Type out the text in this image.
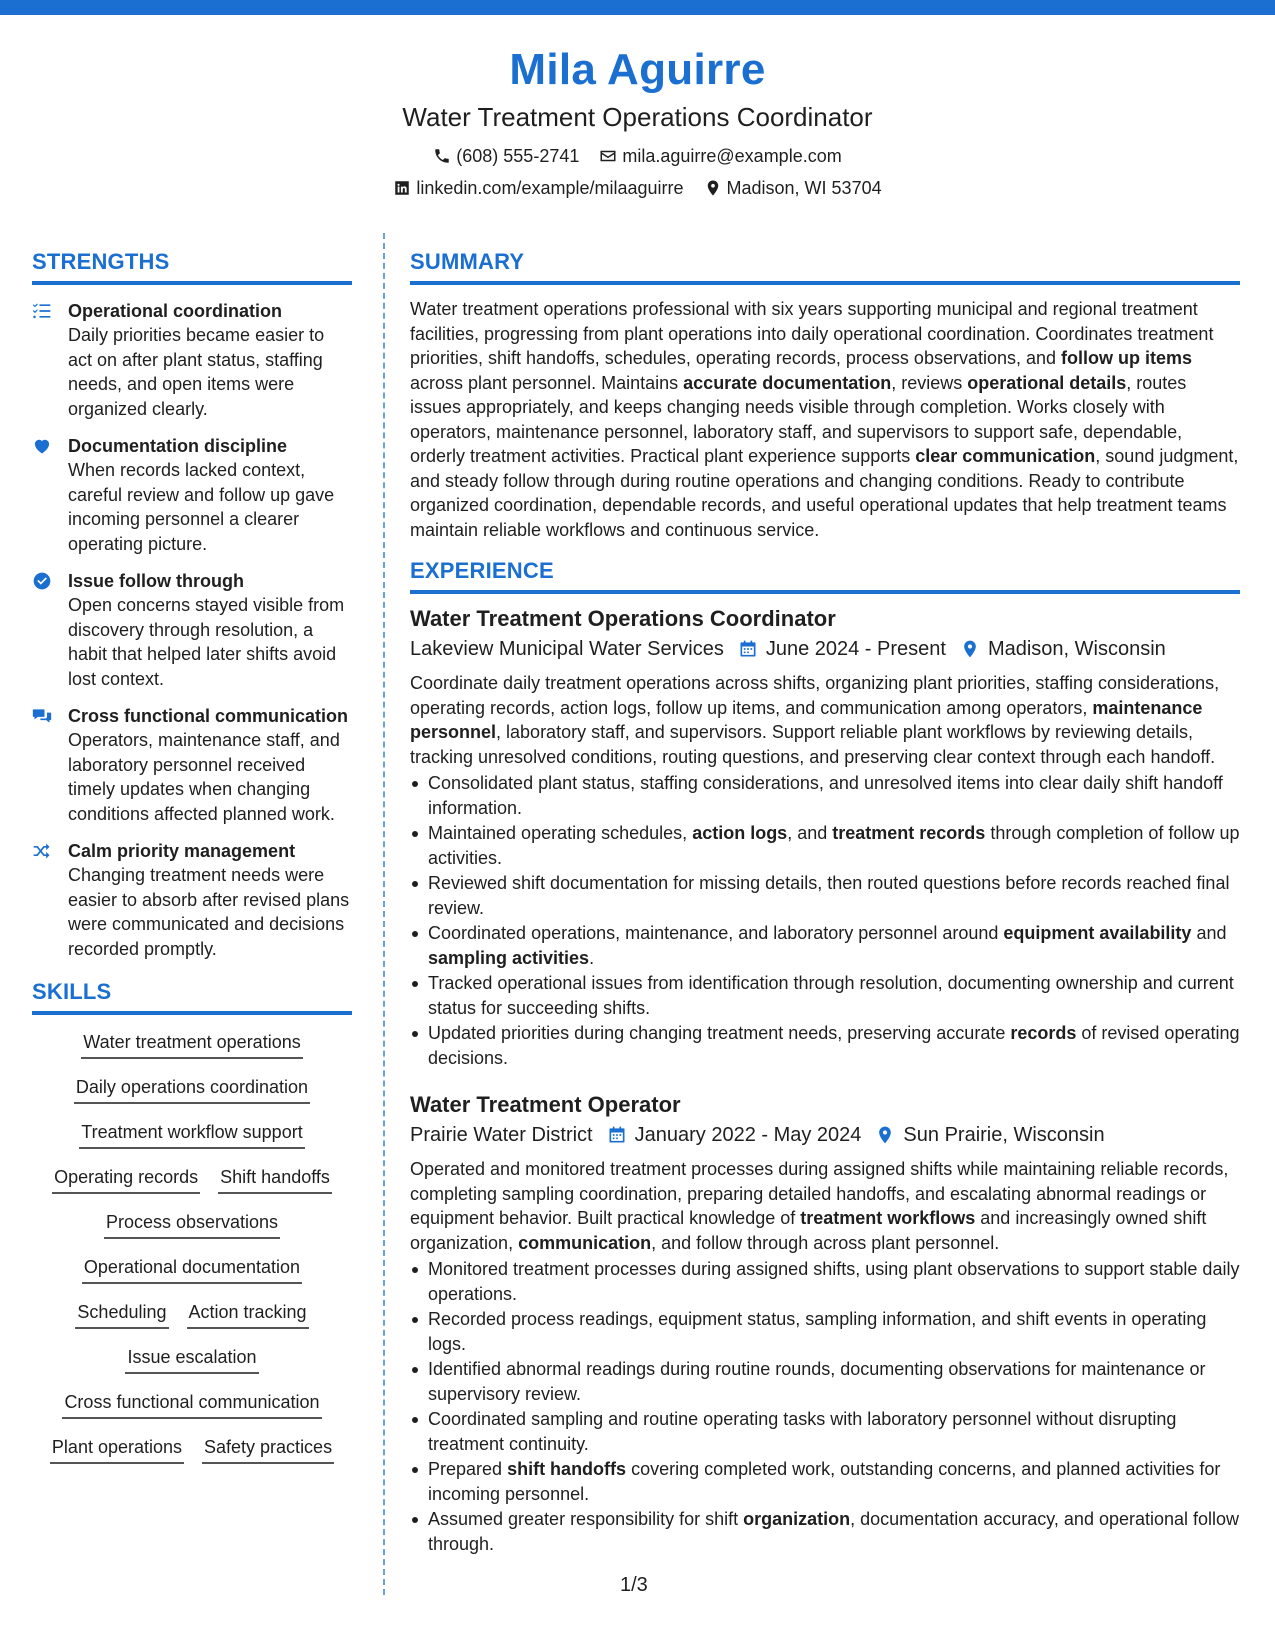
Mila Aguirre
Water Treatment Operations Coordinator
(608) 555-2741 mila.aguirre@example.com
linkedin.com/example/milaaguirre Madison, WI 53704
STRENGTHS
Operational coordination
Daily priorities became easier to act on after plant status, staffing needs, and open items were organized clearly.
Documentation discipline
When records lacked context, careful review and follow up gave incoming personnel a clearer operating picture.
Issue follow through
Open concerns stayed visible from discovery through resolution, a habit that helped later shifts avoid lost context.
Cross functional communication
Operators, maintenance staff, and laboratory personnel received timely updates when changing conditions affected planned work.
Calm priority management
Changing treatment needs were easier to absorb after revised plans were communicated and decisions recorded promptly.
SKILLS
Water treatment operations
Daily operations coordination
Treatment workflow support
Operating records Shift handoffs
Process observations
Operational documentation
Scheduling Action tracking
Issue escalation
Cross functional communication
Plant operations Safety practices
SUMMARY
Water treatment operations professional with six years supporting municipal and regional treatment facilities, progressing from plant operations into daily operational coordination. Coordinates treatment priorities, shift handoffs, schedules, operating records, process observations, and follow up items across plant personnel. Maintains accurate documentation, reviews operational details, routes issues appropriately, and keeps changing needs visible through completion. Works closely with operators, maintenance personnel, laboratory staff, and supervisors to support safe, dependable, orderly treatment activities. Practical plant experience supports clear communication, sound judgment, and steady follow through during routine operations and changing conditions. Ready to contribute organized coordination, dependable records, and useful operational updates that help treatment teams maintain reliable workflows and continuous service.
EXPERIENCE
Water Treatment Operations Coordinator
Lakeview Municipal Water Services June 2024 - Present Madison, Wisconsin
Coordinate daily treatment operations across shifts, organizing plant priorities, staffing considerations, operating records, action logs, follow up items, and communication among operators, maintenance personnel, laboratory staff, and supervisors. Support reliable plant workflows by reviewing details, tracking unresolved conditions, routing questions, and preserving clear context through each handoff.
Consolidated plant status, staffing considerations, and unresolved items into clear daily shift handoff information.
Maintained operating schedules, action logs, and treatment records through completion of follow up activities.
Reviewed shift documentation for missing details, then routed questions before records reached final review.
Coordinated operations, maintenance, and laboratory personnel around equipment availability and sampling activities.
Tracked operational issues from identification through resolution, documenting ownership and current status for succeeding shifts.
Updated priorities during changing treatment needs, preserving accurate records of revised operating decisions.
Water Treatment Operator
Prairie Water District January 2022 - May 2024 Sun Prairie, Wisconsin
Operated and monitored treatment processes during assigned shifts while maintaining reliable records, completing sampling coordination, preparing detailed handoffs, and escalating abnormal readings or equipment behavior. Built practical knowledge of treatment workflows and increasingly owned shift organization, communication, and follow through across plant personnel.
Monitored treatment processes during assigned shifts, using plant observations to support stable daily operations.
Recorded process readings, equipment status, sampling information, and shift events in operating logs.
Identified abnormal readings during routine rounds, documenting observations for maintenance or supervisory review.
Coordinated sampling and routine operating tasks with laboratory personnel without disrupting treatment continuity.
Prepared shift handoffs covering completed work, outstanding concerns, and planned activities for incoming personnel.
Assumed greater responsibility for shift organization, documentation accuracy, and operational follow through.
1/3
